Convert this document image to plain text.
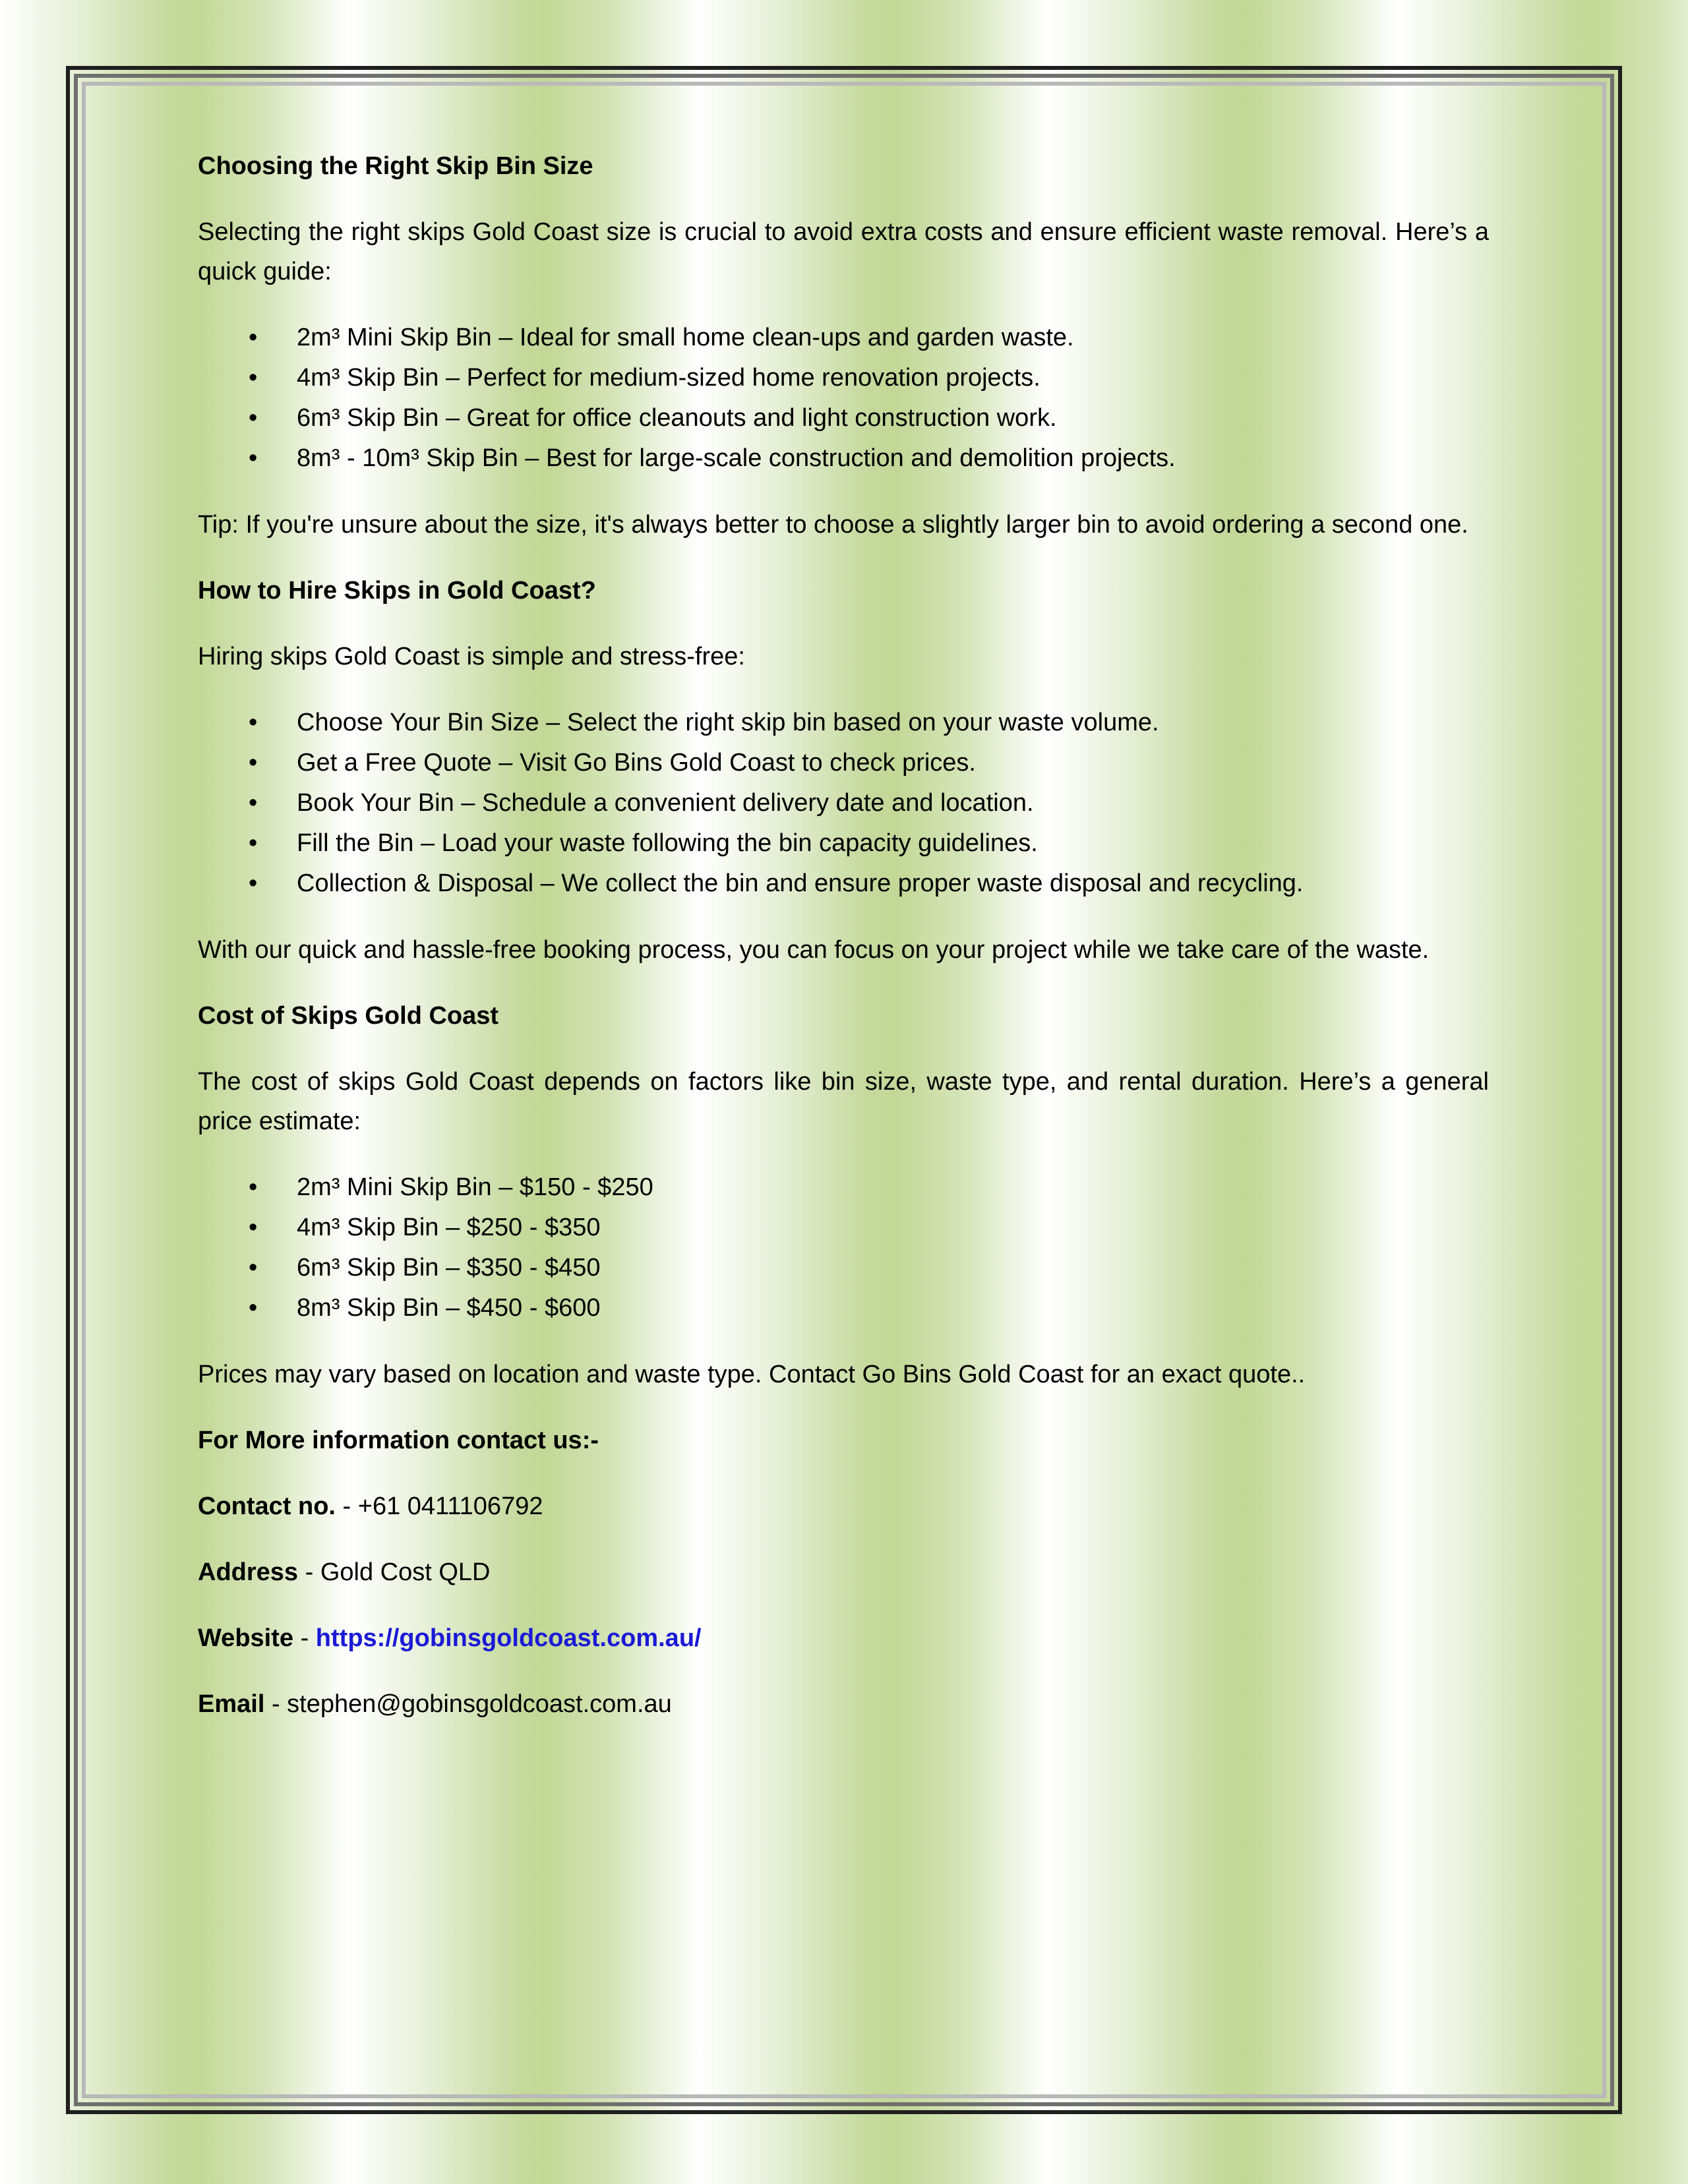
Choosing the Right Skip Bin Size

Selecting the right skips Gold Coast size is crucial to avoid extra costs and ensure efficient waste removal. Here’s a quick guide:

• 2m³ Mini Skip Bin – Ideal for small home clean-ups and garden waste.
• 4m³ Skip Bin – Perfect for medium-sized home renovation projects.
• 6m³ Skip Bin – Great for office cleanouts and light construction work.
• 8m³ - 10m³ Skip Bin – Best for large-scale construction and demolition projects.

Tip: If you're unsure about the size, it's always better to choose a slightly larger bin to avoid ordering a second one.

How to Hire Skips in Gold Coast?

Hiring skips Gold Coast is simple and stress-free:

• Choose Your Bin Size – Select the right skip bin based on your waste volume.
• Get a Free Quote – Visit Go Bins Gold Coast to check prices.
• Book Your Bin – Schedule a convenient delivery date and location.
• Fill the Bin – Load your waste following the bin capacity guidelines.
• Collection & Disposal – We collect the bin and ensure proper waste disposal and recycling.

With our quick and hassle-free booking process, you can focus on your project while we take care of the waste.

Cost of Skips Gold Coast

The cost of skips Gold Coast depends on factors like bin size, waste type, and rental duration. Here’s a general price estimate:

• 2m³ Mini Skip Bin – $150 - $250
• 4m³ Skip Bin – $250 - $350
• 6m³ Skip Bin – $350 - $450
• 8m³ Skip Bin – $450 - $600

Prices may vary based on location and waste type. Contact Go Bins Gold Coast for an exact quote..

For More information contact us:-
Contact no. - +61 0411106792
Address - Gold Cost QLD
Website - https://gobinsgoldcoast.com.au/
Email - stephen@gobinsgoldcoast.com.au
